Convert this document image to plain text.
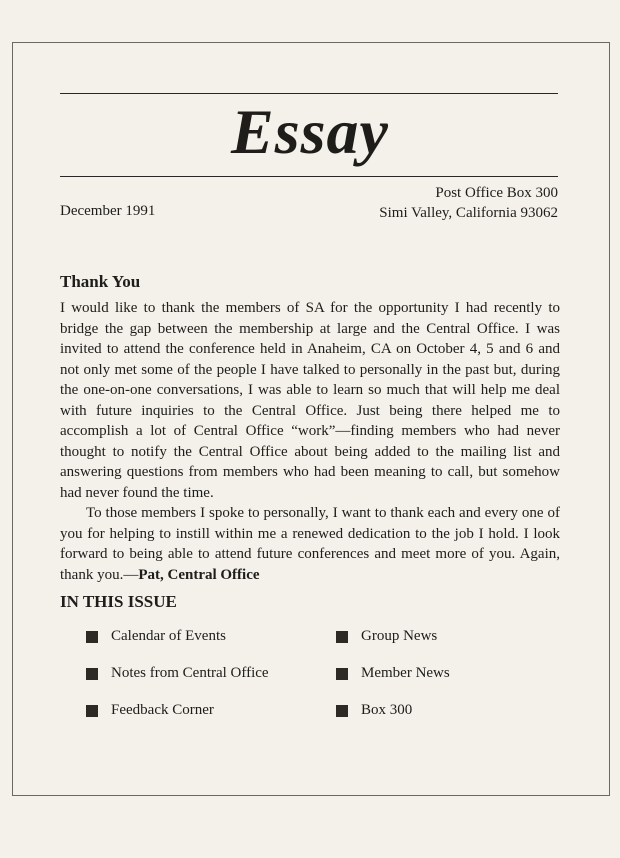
Essay
December 1991
Post Office Box 300
Simi Valley, California 93062
Thank You

I would like to thank the members of SA for the opportunity I had recently to bridge the gap between the membership at large and the Central Office. I was invited to attend the conference held in Anaheim, CA on October 4, 5 and 6 and not only met some of the people I have talked to personally in the past but, during the one-on-one conversations, I was able to learn so much that will help me deal with future inquiries to the Central Office. Just being there helped me to accomplish a lot of Central Office “work”—finding members who had never thought to notify the Central Office about being added to the mailing list and answering questions from members who had been meaning to call, but somehow had never found the time.

To those members I spoke to personally, I want to thank each and every one of you for helping to instill within me a renewed dedication to the job I hold. I look forward to being able to attend future conferences and meet more of you. Again, thank you.—Pat, Central Office

IN THIS ISSUE
Calendar of Events	Group News
Notes from Central Office	Member News
Feedback Corner	Box 300
